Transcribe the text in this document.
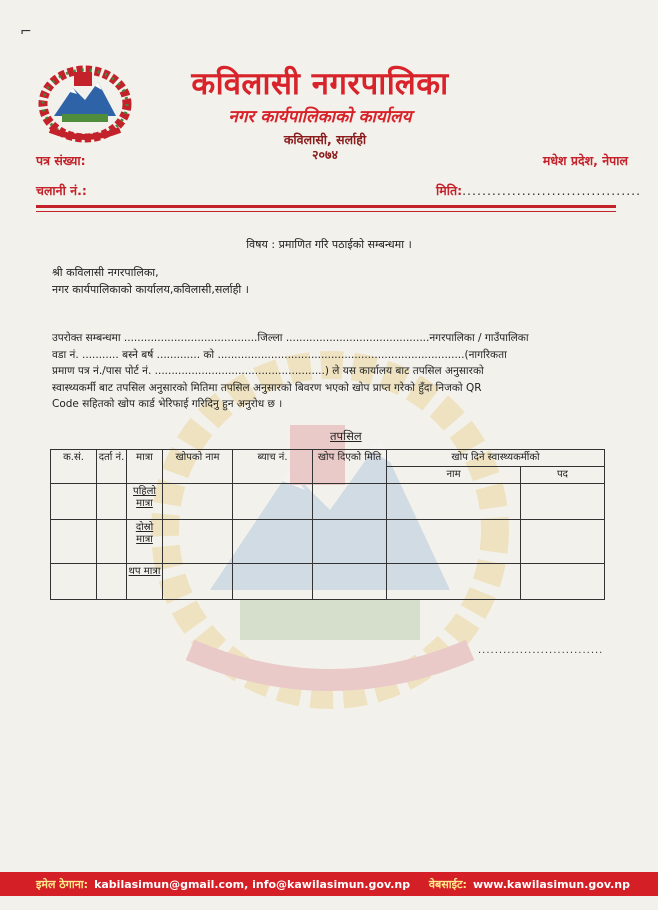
⌐
कविलासी नगरपालिका
नगर कार्यपालिकाको कार्यालय
कविलासी, सर्लाही
२०७४
पत्र संख्या:	मधेश प्रदेश, नेपाल
चलानी नं.:	मिति:....................................
विषय : प्रमाणित गरि पठाईको सम्बन्धमा ।
श्री कविलासी नगरपालिका,
नगर कार्यपालिकाको कार्यालय,कविलासी,सर्लाही ।
उपरोक्त सम्बन्धमा ........................................जिल्ला ...........................................नगरपालिका / गाउँपालिका
वडा नं. ........... बस्ने बर्ष ............. को ..........................................................................(नागरिकता
प्रमाण पत्र नं./पास पोर्ट नं. ...................................................) ले यस कार्यालय बाट तपसिल अनुसारको
स्वास्थ्यकर्मी बाट तपसिल अनुसारको मितिमा तपसिल अनुसारको बिवरण भएको खोप प्राप्त गरेको हुँदा निजको QR
Code सहितको खोप कार्ड भेरिफाई गरिदिनु हुन अनुरोध छ ।
तपसिल
क.सं.	दर्ता नं.	मात्रा	खोपको नाम	ब्याच नं.	खोप दिएको मिति	खोप दिने स्वास्थ्यकर्मीको	
						नाम	पद
		पहिलो मात्रा					
		दोस्रो मात्रा					
		थप मात्रा					
..............................
इमेल ठेगाना: kabilasimun@gmail.com, info@kawilasimun.gov.np वेबसाईट: www.kawilasimun.gov.np
